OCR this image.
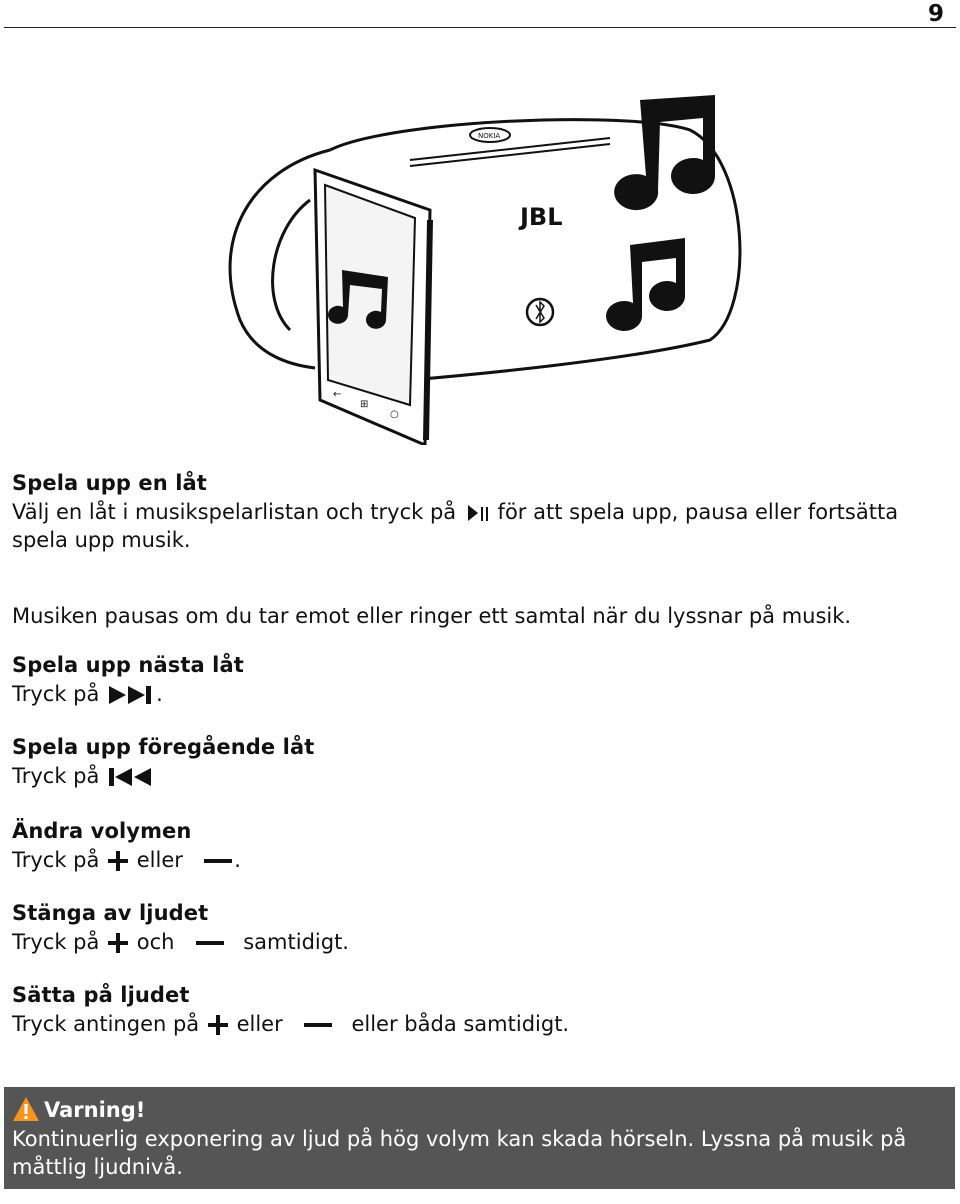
9
NOKIA
JBL
←
⊞
○

Spela upp en låt

Välj en låt i musikspelarlistan och tryck på för att spela upp, pausa eller fortsätta

spela upp musik.

Musiken pausas om du tar emot eller ringer ett samtal när du lyssnar på musik.

Spela upp nästa låt

Tryck på	.

Spela upp föregående låt

Tryck på

Ändra volymen

Tryck på eller .

Stänga av ljudet

Tryck på och	samtidigt.

Sätta på ljudet

Tryck antingen på eller	eller båda samtidigt.

Varning!
Kontinuerlig exponering av ljud på hög volym kan skada hörseln. Lyssna på musik på måttlig ljudnivå.
